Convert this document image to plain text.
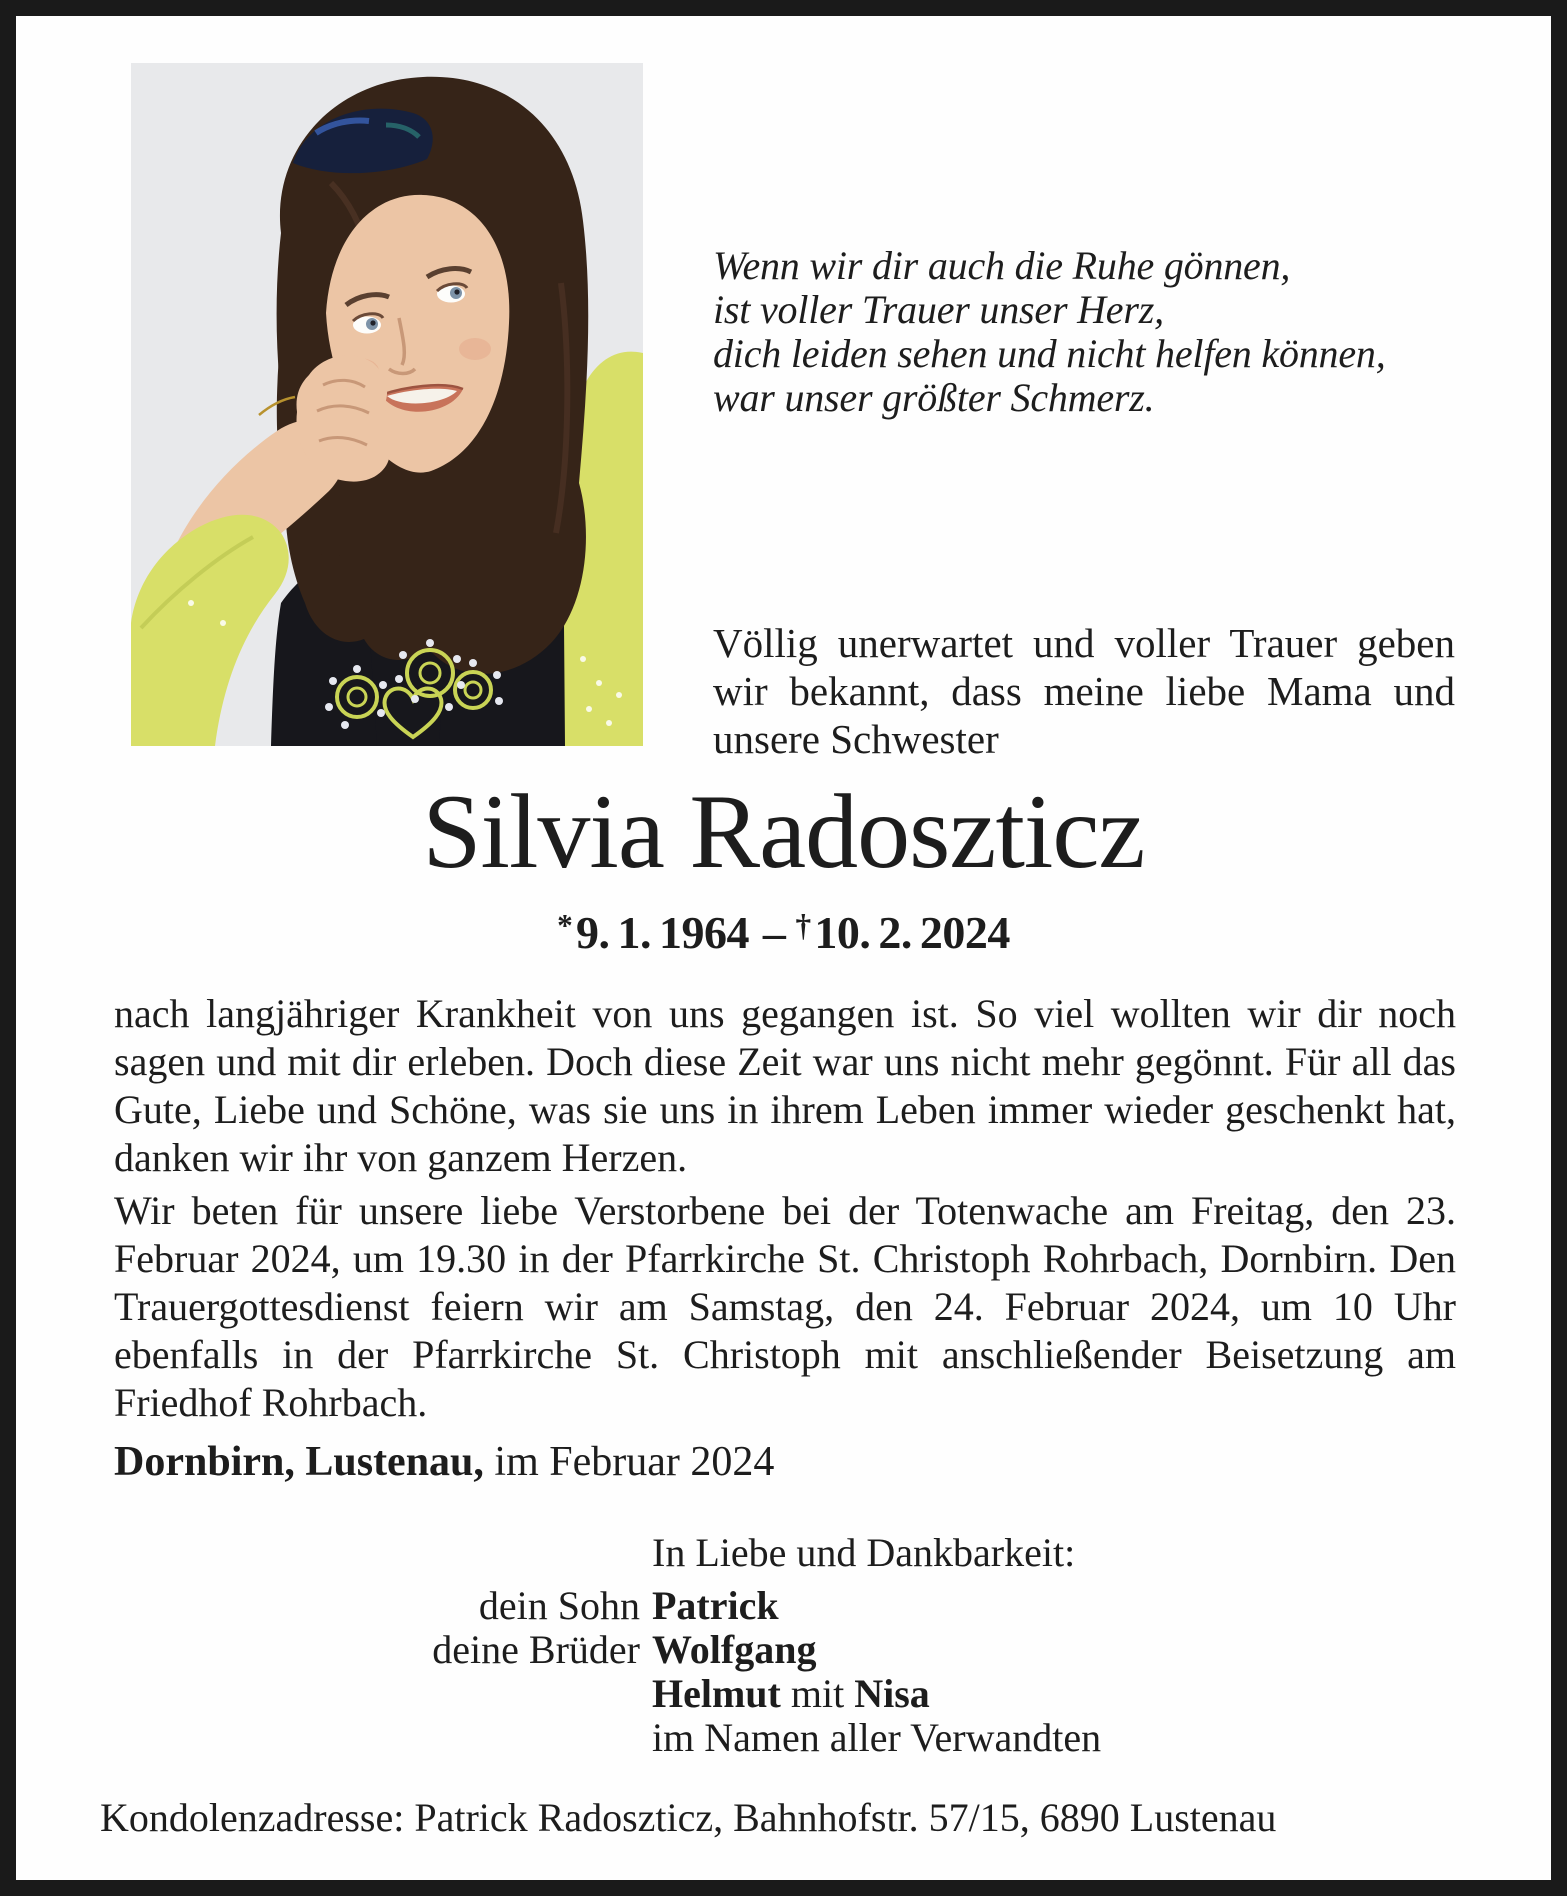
Wenn wir dir auch die Ruhe gönnen,
ist voller Trauer unser Herz,
dich leiden sehen und nicht helfen können,
war unser größter Schmerz.
Völlig unerwartet und voller Trauer geben wir bekannt, dass meine liebe Mama und unsere Schwester
Silvia Radoszticz
*9. 1. 1964 – †10. 2. 2024

nach langjähriger Krankheit von uns gegangen ist. So viel wollten wir dir noch sagen und mit dir erleben. Doch diese Zeit war uns nicht mehr gegönnt. Für all das Gute, Liebe und Schöne, was sie uns in ihrem Leben immer wieder geschenkt hat, danken wir ihr von ganzem Herzen.

Wir beten für unsere liebe Verstorbene bei der Totenwache am Freitag, den 23. Februar 2024, um 19.30 in der Pfarrkirche St. Christoph Rohrbach, Dornbirn. Den Trauergottesdienst feiern wir am Samstag, den 24. Februar 2024, um 10 Uhr ebenfalls in der Pfarrkirche St. Christoph mit anschließender Beisetzung am Friedhof Rohrbach.

Dornbirn, Lustenau, im Februar 2024
In Liebe und Dankbarkeit:
dein Sohn Patrick
deine Brüder Wolfgang
Helmut mit Nisa
im Namen aller Verwandten
Kondolenzadresse: Patrick Radoszticz, Bahnhofstr. 57/15, 6890 Lustenau
